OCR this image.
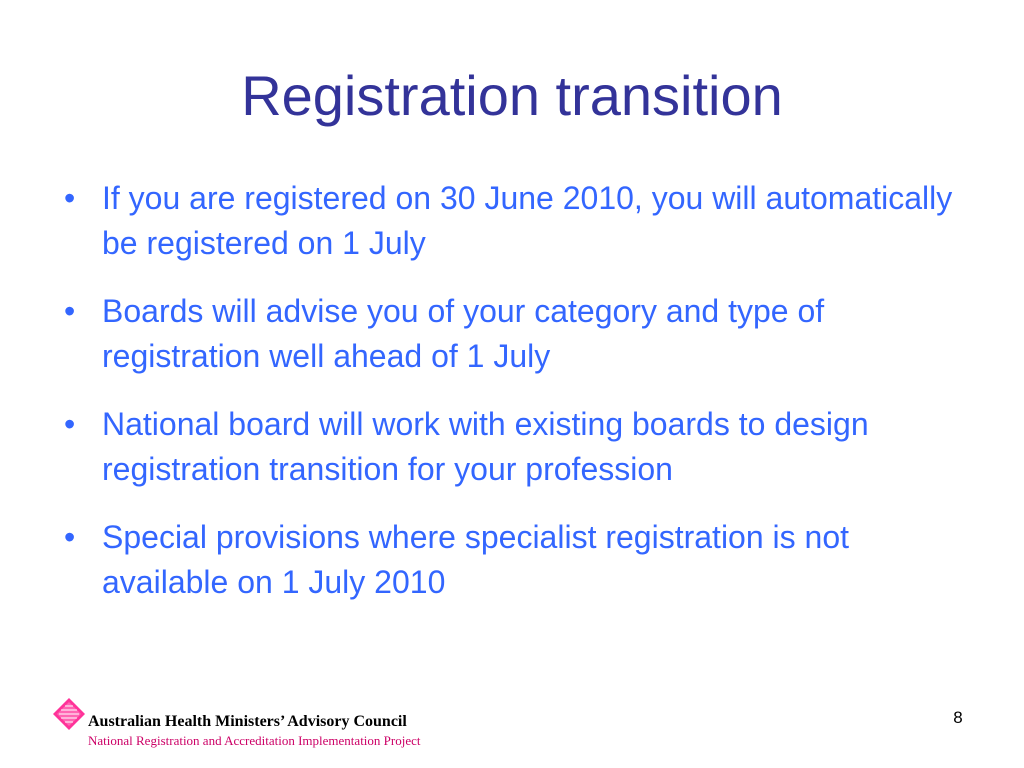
Registration transition
• If you are registered on 30 June 2010, you will automatically be registered on 1 July
• Boards will advise you of your category and type of registration well ahead of 1 July
• National board will work with existing boards to design registration transition for your profession
• Special provisions where specialist registration is not available on 1 July 2010
Australian Health Ministers’ Advisory Council
National Registration and Accreditation Implementation Project
8
